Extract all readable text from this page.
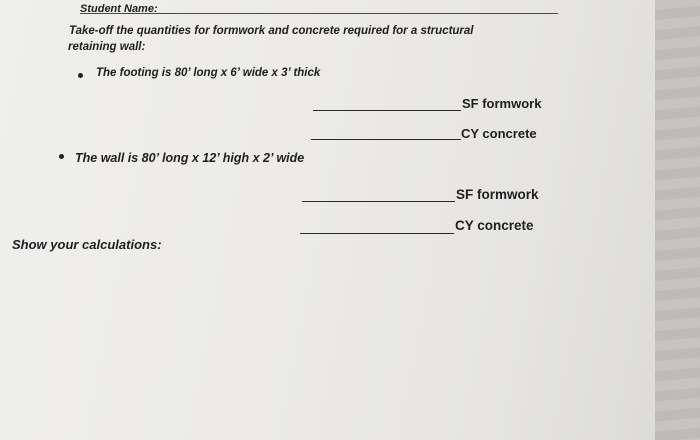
Student Name:
Take-off the quantities for formwork and concrete required for a structural
retaining wall:
The footing is 80’ long x 6’ wide x 3’ thick
SF formwork
CY concrete
The wall is 80’ long x 12’ high x 2’ wide
SF formwork
CY concrete
Show your calculations:
